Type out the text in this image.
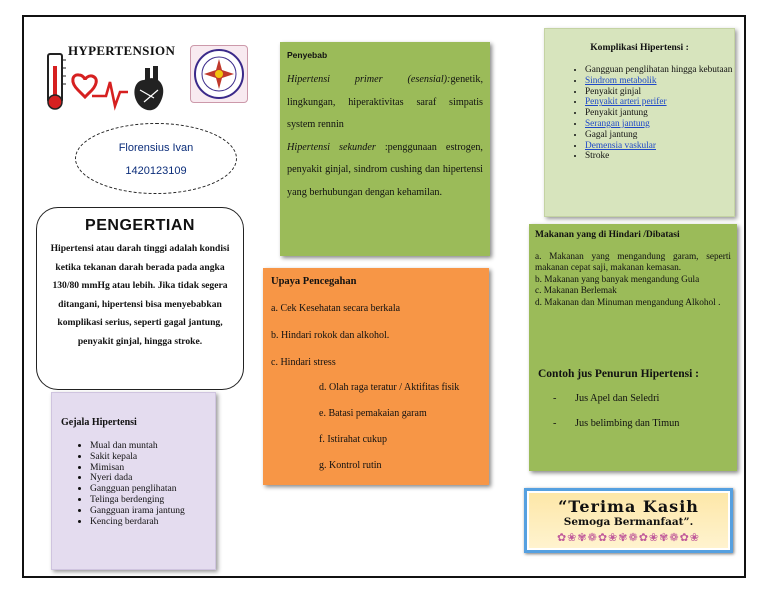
HYPERTENSION
Florensius Ivan
1420123109
PENGERTIAN
Hipertensi atau darah tinggi adalah kondisi ketika tekanan darah berada pada angka 130/80 mmHg atau lebih. Jika tidak segera ditangani, hipertensi bisa menyebabkan komplikasi serius, seperti gagal jantung, penyakit ginjal, hingga stroke.
Gejala Hipertensi
• Mual dan muntah
• Sakit kepala
• Mimisan
• Nyeri dada
• Gangguan penglihatan
• Telinga berdenging
• Gangguan irama jantung
• Kencing berdarah
Penyebab
Hipertensi primer (esensial):genetik, lingkungan, hiperaktivitas saraf simpatis system rennin
Hipertensi sekunder :penggunaan estrogen, penyakit ginjal, sindrom cushing dan hipertensi yang berhubungan dengan kehamilan.
Upaya Pencegahan
a. Cek Kesehatan secara berkala
b. Hindari rokok dan alkohol.
c. Hindari stress
d. Olah raga teratur / Aktifitas fisik
e. Batasi pemakaian garam
f. Istirahat cukup
g. Kontrol rutin
Komplikasi Hipertensi :
• Gangguan penglihatan hingga kebutaan
• Sindrom metabolik
• Penyakit ginjal
• Penyakit arteri perifer
• Penyakit jantung
• Serangan jantung
• Gagal jantung
• Demensia vaskular
• Stroke
Makanan yang di Hindari /Dibatasi
a. Makanan yang mengandung garam, seperti makanan cepat saji, makanan kemasan.
b. Makanan yang banyak mengandung Gula
c. Makanan Berlemak
d. Makanan dan Minuman mengandung Alkohol .
Contoh jus Penurun Hipertensi :
- Jus Apel dan Seledri
- Jus belimbing dan Timun
“Terima Kasih
Semoga Bermanfaat”.
✿❀✾❁✿❀✾❁✿❀✾❁✿❀
